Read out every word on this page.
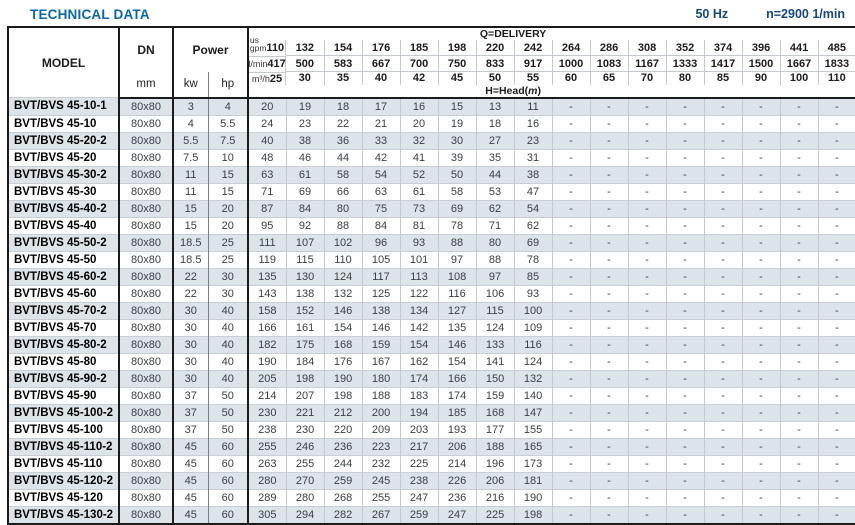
TECHNICAL DATA	50 Hz	n=2900 1/min
MODEL	DN	Power		Q=DELIVERY															

us
gpm 110 132	154	176	185	198	220	242	264	286	308	352	374	396	441	485

l/min 417 500	583	667	700	750	833	917	1000	1083	1167	1333	1417	1500	1667	1833
	mm	kw	hp	m³/h 25 30	35	40	42	45	50	55	60	65	70	80	85	90	100	110
				H=Head(m)															
BVT/BVS 45-10-1	80x80	3	4	20	19	18	17	16	15	13	11	-	-	-	-	-	-	-	-
BVT/BVS 45-10	80x80	4	5.5	24	23	22	21	20	19	18	16	-	-	-	-	-	-	-	-
BVT/BVS 45-20-2	80x80	5.5	7.5	40	38	36	33	32	30	27	23	-	-	-	-	-	-	-	-
BVT/BVS 45-20	80x80	7.5	10	48	46	44	42	41	39	35	31	-	-	-	-	-	-	-	-
BVT/BVS 45-30-2	80x80	11	15	63	61	58	54	52	50	44	38	-	-	-	-	-	-	-	-
BVT/BVS 45-30	80x80	11	15	71	69	66	63	61	58	53	47	-	-	-	-	-	-	-	-
BVT/BVS 45-40-2	80x80	15	20	87	84	80	75	73	69	62	54	-	-	-	-	-	-	-	-
BVT/BVS 45-40	80x80	15	20	95	92	88	84	81	78	71	62	-	-	-	-	-	-	-	-
BVT/BVS 45-50-2	80x80	18.5	25	111	107	102	96	93	88	80	69	-	-	-	-	-	-	-	-
BVT/BVS 45-50	80x80	18.5	25	119	115	110	105	101	97	88	78	-	-	-	-	-	-	-	-
BVT/BVS 45-60-2	80x80	22	30	135	130	124	117	113	108	97	85	-	-	-	-	-	-	-	-
BVT/BVS 45-60	80x80	22	30	143	138	132	125	122	116	106	93	-	-	-	-	-	-	-	-
BVT/BVS 45-70-2	80x80	30	40	158	152	146	138	134	127	115	100	-	-	-	-	-	-	-	-
BVT/BVS 45-70	80x80	30	40	166	161	154	146	142	135	124	109	-	-	-	-	-	-	-	-
BVT/BVS 45-80-2	80x80	30	40	182	175	168	159	154	146	133	116	-	-	-	-	-	-	-	-
BVT/BVS 45-80	80x80	30	40	190	184	176	167	162	154	141	124	-	-	-	-	-	-	-	-
BVT/BVS 45-90-2	80x80	30	40	205	198	190	180	174	166	150	132	-	-	-	-	-	-	-	-
BVT/BVS 45-90	80x80	37	50	214	207	198	188	183	174	159	140	-	-	-	-	-	-	-	-
BVT/BVS 45-100-2	80x80	37	50	230	221	212	200	194	185	168	147	-	-	-	-	-	-	-	-
BVT/BVS 45-100	80x80	37	50	238	230	220	209	203	193	177	155	-	-	-	-	-	-	-	-
BVT/BVS 45-110-2	80x80	45	60	255	246	236	223	217	206	188	165	-	-	-	-	-	-	-	-
BVT/BVS 45-110	80x80	45	60	263	255	244	232	225	214	196	173	-	-	-	-	-	-	-	-
BVT/BVS 45-120-2	80x80	45	60	280	270	259	245	238	226	206	181	-	-	-	-	-	-	-	-
BVT/BVS 45-120	80x80	45	60	289	280	268	255	247	236	216	190	-	-	-	-	-	-	-	-
BVT/BVS 45-130-2	80x80	45	60	305	294	282	267	259	247	225	198	-	-	-	-	-	-	-	-
